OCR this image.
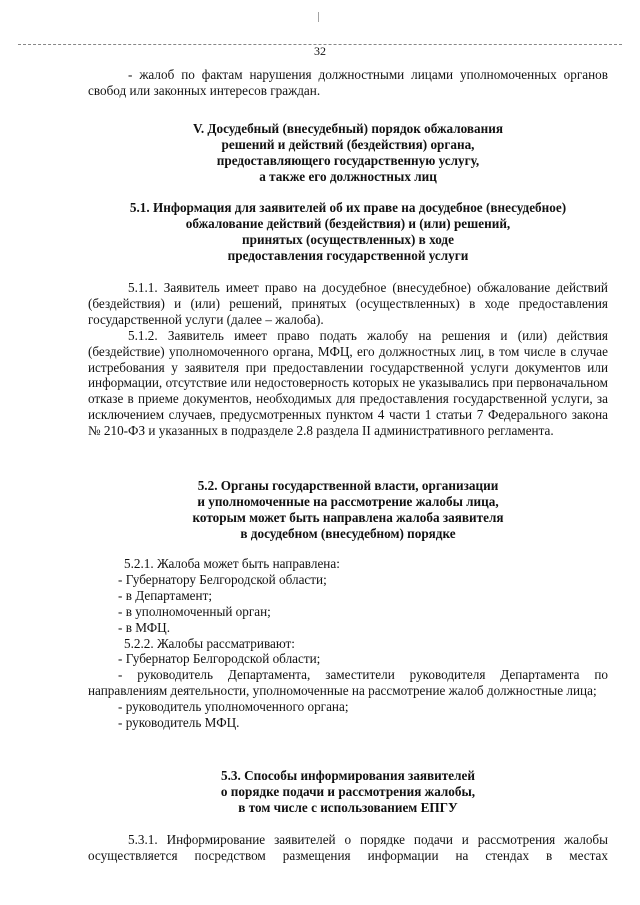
32

- жалоб по фактам нарушения должностными лицами уполномоченных органов свобод или законных интересов граждан.

V. Досудебный (внесудебный) порядок обжалования
решений и действий (бездействия) органа,
предоставляющего государственную услугу,
а также его должностных лиц
5.1. Информация для заявителей об их праве на досудебное (внесудебное)
обжалование действий (бездействия) и (или) решений,
принятых (осуществленных) в ходе
предоставления государственной услуги

5.1.1. Заявитель имеет право на досудебное (внесудебное) обжалование действий (бездействия) и (или) решений, принятых (осуществленных) в ходе предоставления государственной услуги (далее – жалоба).

5.1.2. Заявитель имеет право подать жалобу на решения и (или) действия (бездействие) уполномоченного органа, МФЦ, его должностных лиц, в том числе в случае истребования у заявителя при предоставлении государственной услуги документов или информации, отсутствие или недостоверность которых не указывались при первоначальном отказе в приеме документов, необходимых для предоставления государственной услуги, за исключением случаев, предусмотренных пунктом 4 части 1 статьи 7 Федерального закона № 210-ФЗ и указанных в подразделе 2.8 раздела II административного регламента.

5.2. Органы государственной власти, организации
и уполномоченные на рассмотрение жалобы лица,
которым может быть направлена жалоба заявителя
в досудебном (внесудебном) порядке
5.2.1. Жалоба может быть направлена:
- Губернатору Белгородской области;
- в Департамент;
- в уполномоченный орган;
- в МФЦ.
5.2.2. Жалобы рассматривают:
- Губернатор Белгородской области;

- руководитель Департамента, заместители руководителя Департамента по направлениям деятельности, уполномоченные на рассмотрение жалоб должностные лица;

- руководитель уполномоченного органа;
- руководитель МФЦ.
5.3. Способы информирования заявителей
о порядке подачи и рассмотрения жалобы,
в том числе с использованием ЕПГУ

5.3.1. Информирование заявителей о порядке подачи и рассмотрения жалобы осуществляется посредством размещения информации на стендах в местах
